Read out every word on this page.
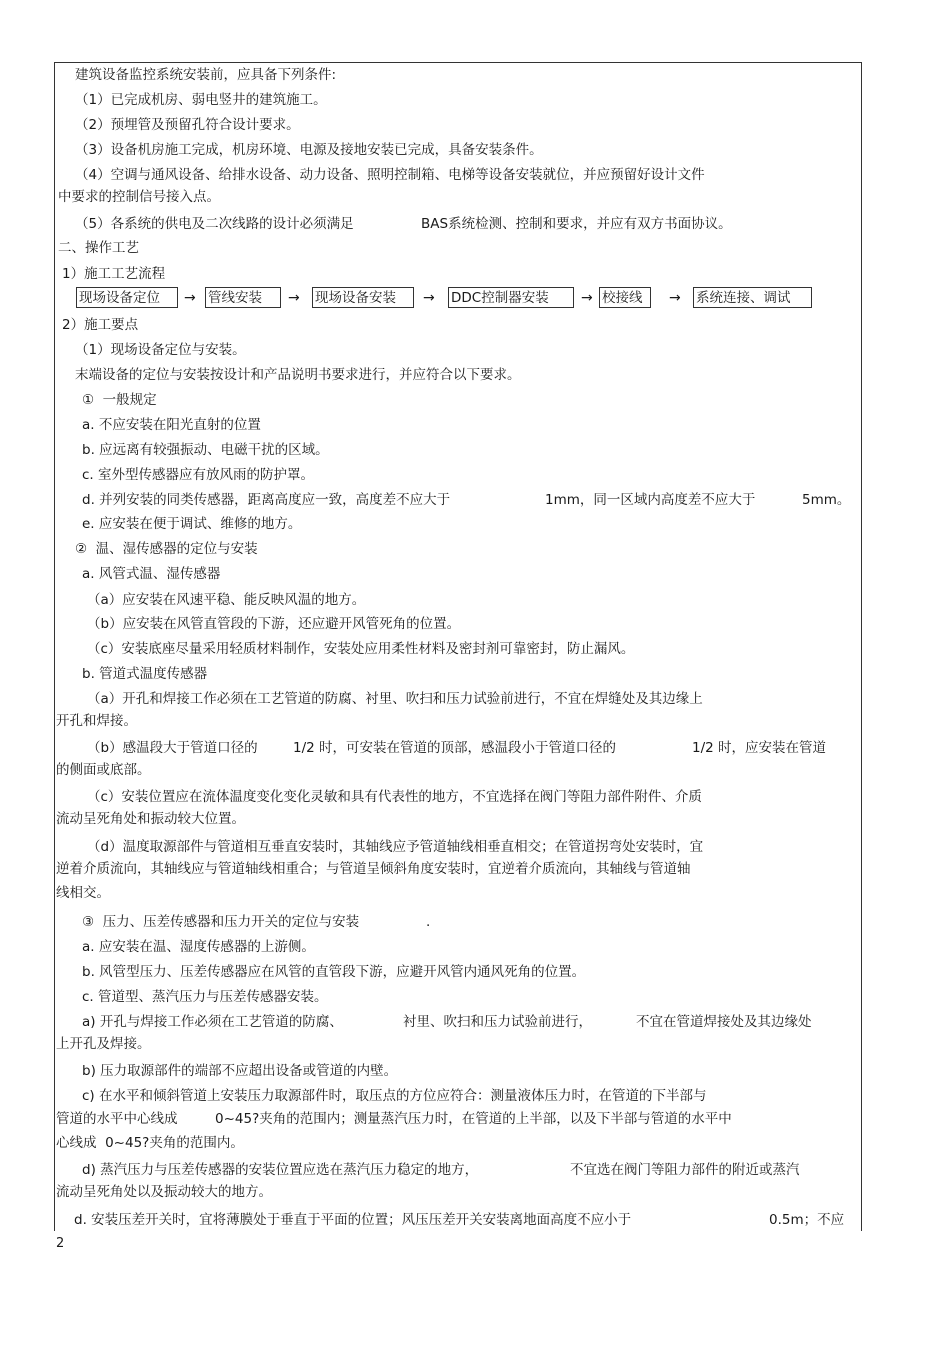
建筑设备监控系统安装前，应具备下列条件:
（1）已完成机房、弱电竖井的建筑施工。
（2）预埋管及预留孔符合设计要求。
（3）设备机房施工完成，机房环境、电源及接地安装已完成，具备安装条件。
（4）空调与通风设备、给排水设备、动力设备、照明控制箱、电梯等设备安装就位，并应预留好设计文件
中要求的控制信号接入点。
（5）各系统的供电及二次线路的设计必须满足	BAS系统检测、控制和要求，并应有双方书面协议。
二、操作工艺
1）施工工艺流程
现场设备定位	→ 管线安装	→ 现场设备安装	→ DDC控制器安装	→ 校接线	→ 系统连接、调试
2）施工要点
（1）现场设备定位与安装。
末端设备的定位与安装按设计和产品说明书要求进行，并应符合以下要求。
①  一般规定
a. 不应安装在阳光直射的位置
b. 应远离有较强振动、电磁干扰的区域。
c. 室外型传感器应有放风雨的防护罩。
d. 并列安装的同类传感器，距离高度应一致，高度差不应大于	1mm，同一区域内高度差不应大于	5mm。
e. 应安装在便于调试、维修的地方。
②  温、湿传感器的定位与安装
a. 风管式温、湿传感器
（a）应安装在风速平稳、能反映风温的地方。
（b）应安装在风管直管段的下游，还应避开风管死角的位置。
（c）安装底座尽量采用轻质材料制作，安装处应用柔性材料及密封剂可靠密封，防止漏风。
b. 管道式温度传感器
（a）开孔和焊接工作必须在工艺管道的防腐、衬里、吹扫和压力试验前进行，不宜在焊缝处及其边缘上
开孔和焊接。
（b）感温段大于管道口径的	1/2 时，可安装在管道的顶部，感温段小于管道口径的	1/2 时，应安装在管道
的侧面或底部。
（c）安装位置应在流体温度变化变化灵敏和具有代表性的地方，不宜选择在阀门等阻力部件附件、介质
流动呈死角处和振动较大位置。
（d）温度取源部件与管道相互垂直安装时，其轴线应予管道轴线相垂直相交；在管道拐弯处安装时，宜
逆着介质流向，其轴线应与管道轴线相重合；与管道呈倾斜角度安装时，宜逆着介质流向，其轴线与管道轴
线相交。
③  压力、压差传感器和压力开关的定位与安装	.
a. 应安装在温、湿度传感器的上游侧。
b. 风管型压力、压差传感器应在风管的直管段下游，应避开风管内通风死角的位置。
c. 管道型、蒸汽压力与压差传感器安装。
a) 开孔与焊接工作必须在工艺管道的防腐、	衬里、吹扫和压力试验前进行，	不宜在管道焊接处及其边缘处
上开孔及焊接。
b) 压力取源部件的端部不应超出设备或管道的内壁。
c) 在水平和倾斜管道上安装压力取源部件时，取压点的方位应符合：测量液体压力时，在管道的下半部与
管道的水平中心线成	0~45?夹角的范围内；测量蒸汽压力时，在管道的上半部，以及下半部与管道的水平中
心线成  0~45?夹角的范围内。
d) 蒸汽压力与压差传感器的安装位置应选在蒸汽压力稳定的地方，	不宜选在阀门等阻力部件的附近或蒸汽
流动呈死角处以及振动较大的地方。
d. 安装压差开关时，宜将薄膜处于垂直于平面的位置；风压压差开关安装离地面高度不应小于	0.5m；不应
2
